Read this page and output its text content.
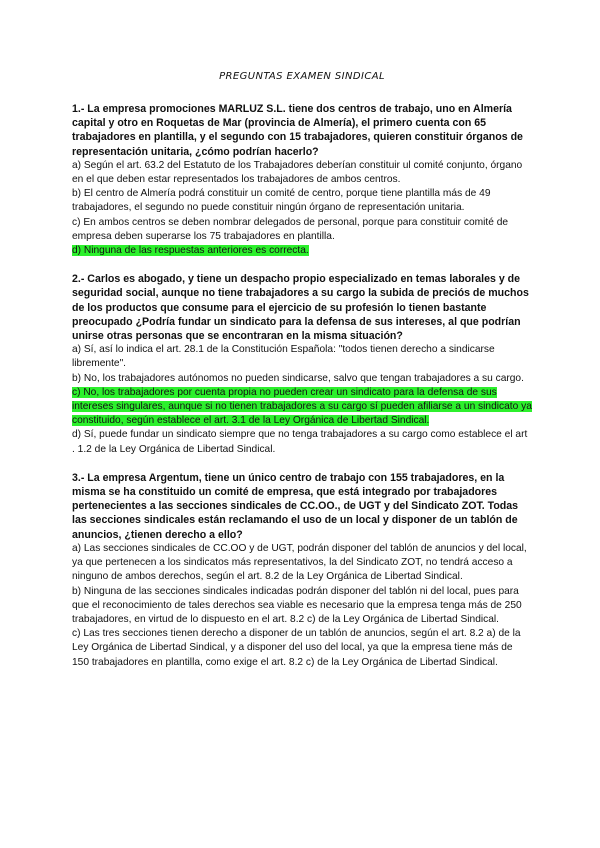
PREGUNTAS EXAMEN SINDICAL

1.- La empresa promociones MARLUZ S.L. tiene dos centros de trabajo, uno en Almería capital y otro en Roquetas de Mar (provincia de Almería), el primero cuenta con 65 trabajadores en plantilla, y el segundo con 15 trabajadores, quieren constituir órganos de representación unitaria, ¿cómo podrían hacerlo?

a) Según el art. 63.2 del Estatuto de los Trabajadores deberían constituir ul comité conjunto, órgano en el que deben estar representados los trabajadores de ambos centros.

b) El centro de Almería podrá constituir un comité de centro, porque tiene plantilla más de 49 trabajadores, el segundo no puede constituir ningún órgano de representación unitaria.

c) En ambos centros se deben nombrar delegados de personal, porque para constituir comité de empresa deben superarse los 75 trabajadores en plantilla.

d) Ninguna de las respuestas anteriores es correcta.

2.- Carlos es abogado, y tiene un despacho propio especializado en temas laborales y de seguridad social, aunque no tiene trabajadores a su cargo la subida de preciós de muchos de los productos que consume para el ejercicio de su profesión lo tienen bastante preocupado ¿Podría fundar un sindicato para la defensa de sus intereses, al que podrían unirse otras personas que se encontraran en la misma situación?

a) Sí, así lo indica el art. 28.1 de la Constitución Española: "todos tienen derecho a sindicarse libremente".

b) No, los trabajadores autónomos no pueden sindicarse, salvo que tengan trabajadores a su cargo.

c) No, los trabajadores por cuenta propia no pueden crear un sindicato para la defensa de sus intereses singulares, aunque si no tienen trabajadores a su cargo sí pueden afiliarse a un sindicato ya constituido, según establece el art. 3.1 de la Ley Orgánica de Libertad Sindical.

d) Sí, puede fundar un sindicato siempre que no tenga trabajadores a su cargo como establece el art . 1.2 de la Ley Orgánica de Libertad Sindical.

3.- La empresa Argentum, tiene un único centro de trabajo con 155 trabajadores, en la misma se ha constituido un comité de empresa, que está integrado por trabajadores pertenecientes a las secciones sindicales de CC.OO., de UGT y del Sindicato ZOT. Todas las secciones sindicales están reclamando el uso de un local y disponer de un tablón de anuncios, ¿tienen derecho a ello?

a) Las secciones sindicales de CC.OO y de UGT, podrán disponer del tablón de anuncios y del local, ya que pertenecen a los sindicatos más representativos, la del Sindicato ZOT, no tendrá acceso a ninguno de ambos derechos, según el art. 8.2 de la Ley Orgánica de Libertad Sindical.

b) Ninguna de las secciones sindicales indicadas podrán disponer del tablón ni del local, pues para que el reconocimiento de tales derechos sea viable es necesario que la empresa tenga más de 250 trabajadores, en virtud de lo dispuesto en el art. 8.2 c) de la Ley Orgánica de Libertad Sindical.

c) Las tres secciones tienen derecho a disponer de un tablón de anuncios, según el art. 8.2 a) de la Ley Orgánica de Libertad Sindical, y a disponer del uso del local, ya que la empresa tiene más de 150 trabajadores en plantilla, como exige el art. 8.2 c) de la Ley Orgánica de Libertad Sindical.
